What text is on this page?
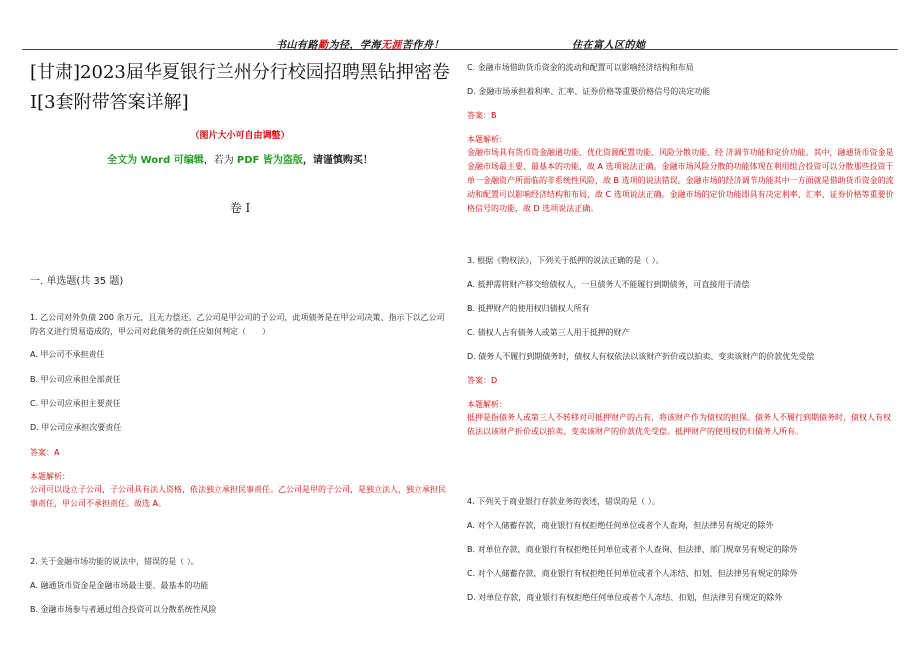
书山有路勤为径，学海无涯苦作舟！	住在富人区的她
[甘肃]2023届华夏银行兰州分行校园招聘黑钻押密卷I[3套附带答案详解]
（图片大小可自由调整）
全文为 Word 可编辑，若为 PDF 皆为盗版，请谨慎购买！
卷 I
一. 单选题(共 35 题)
1. 乙公司对外负债 200 余万元，且无力偿还。乙公司是甲公司的子公司，此项债务是在甲公司决策、指示下以乙公司的名义进行贸易造成的，甲公司对此债务的责任应如何判定（　　）
A. 甲公司不承担责任
B. 甲公司应承担全部责任
C. 甲公司应承担主要责任
D. 甲公司应承担次要责任
答案：A
本题解析：
公司可以设立子公司，子公司具有法人资格，依法独立承担民事责任。乙公司是甲的子公司，是独立法人，独立承担民事责任，甲公司不承担责任。故选 A。
2. 关于金融市场功能的说法中，错误的是（ ）。
A. 融通货币资金是金融市场最主要、最基本的功能
B. 金融市场参与者通过组合投资可以分散系统性风险
C. 金融市场借助货币资金的流动和配置可以影响经济结构和布局
D. 金融市场承担着利率、汇率、证券价格等重要价格信号的决定功能
答案：B
本题解析：
金融市场具有货币资金融通功能、优化资源配置功能、风险分散功能、经 济调节功能和定价功能。其中，融通货币资金是金融市场最主要、最基本的功能，故 A 选项说法正确。金融市场风险分散的功能体现在利用组合投资可以分散那些投资于单一金融资产所面临的非系统性风险，故 B 选项的说法错误。金融市场的经济调节功能其中一方面就是借助货币资金的流动和配置可以影响经济结构和布局，故 C 选项说法正确。金融市场的定价功能即具有决定利率、汇率、证券价格等重要价格信号的功能，故 D 选项说法正确。
3. 根据《物权法》，下列关于抵押的说法正确的是（ ）。
A. 抵押需将财产移交给债权人，一旦债务人不能履行到期债务，可直接用于清偿
B. 抵押财产的使用权归债权人所有
C. 债权人占有债务人或第三人用于抵押的财产
D. 债务人不履行到期债务时，债权人有权依法以该财产折价或以拍卖、变卖该财产的价款优先受偿
答案：D
本题解析：
抵押是指债务人或第三人不转移对可抵押财产的占有，将该财产作为债权的担保。债务人不履行到期债务时，债权人有权依法以该财产折价或以拍卖、变卖该财产的价款优先受偿。抵押财产的使用权仍归债务人所有。
4. 下列关于商业银行存款业务的表述，错误的是（ ）。
A. 对个人储蓄存款，商业银行有权拒绝任何单位或者个人查询，但法律另有规定的除外
B. 对单位存款，商业银行有权拒绝任何单位或者个人查询，但法律、部门规章另有规定的除外
C. 对个人储蓄存款，商业银行有权拒绝任何单位或者个人冻结、扣划，但法律另有规定的除外
D. 对单位存款，商业银行有权拒绝任何单位或者个人冻结、扣划，但法律另有规定的除外
